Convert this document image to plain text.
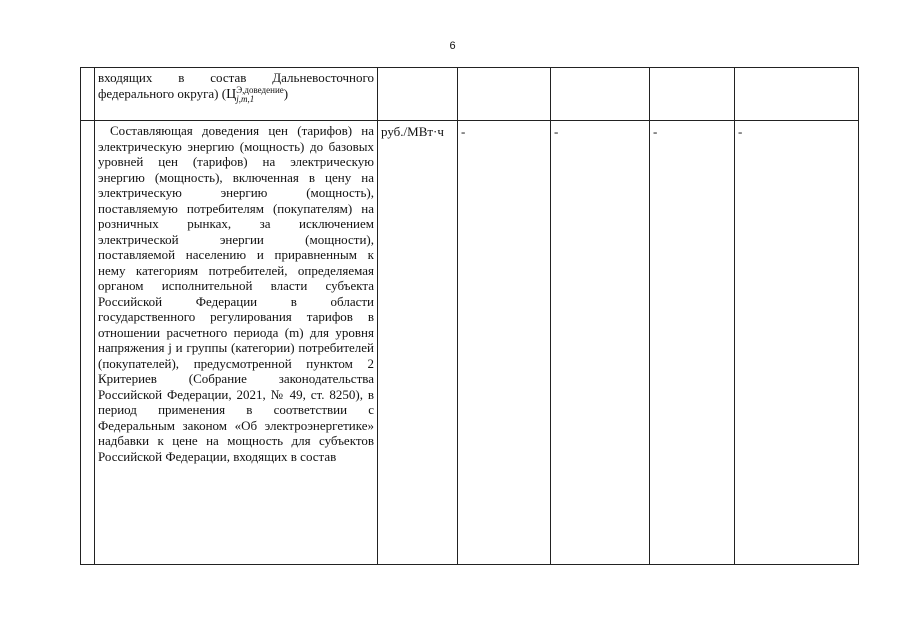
6
	входящих в состав Дальневосточного федерального округа) (Ц Э,доведение
j,m,1 )					

	Составляющая доведения цен (тарифов) на электрическую энергию (мощность) до базовых уровней цен (тарифов) на электрическую энергию (мощность), включенная в цену на электрическую энергию (мощность), поставляемую потребителям (покупателям) на розничных рынках, за исключением электрической энергии (мощности), поставляемой населению и приравненным к нему категориям потребителей, определяемая органом исполнительной власти субъекта Российской Федерации в области государственного регулирования тарифов в отношении расчетного периода (m) для уровня напряжения j и группы (категории) потребителей (покупателей), предусмотренной пунктом 2 Критериев (Собрание законодательства Российской Федерации, 2021, № 49, ст. 8250), в период применения в соответствии с Федеральным законом «Об электроэнергетике» надбавки к цене на мощность для субъектов Российской Федерации, входящих в состав	руб./МВт·ч	-	-	-	-
